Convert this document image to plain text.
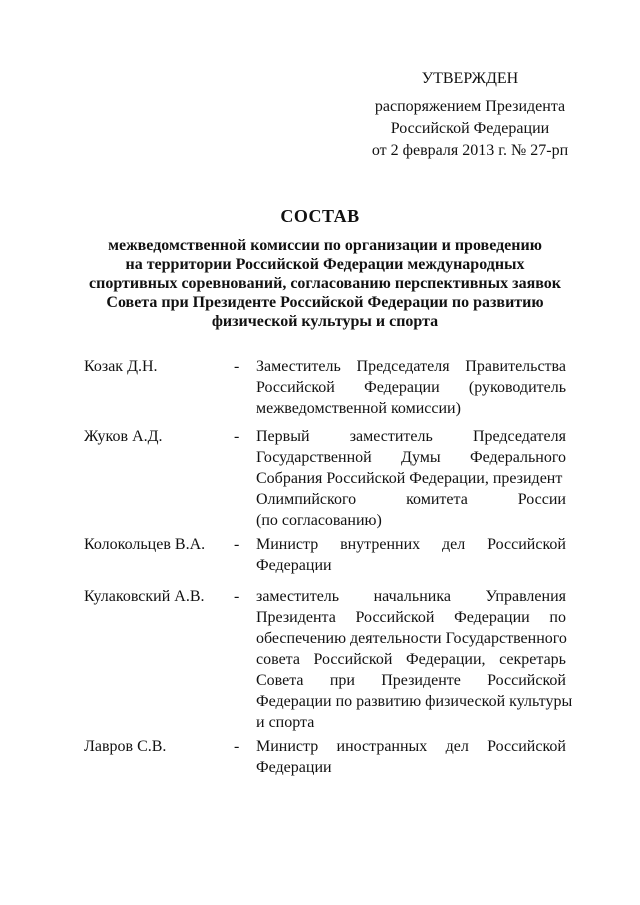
УТВЕРЖДЕН
распоряжением Президента
Российской Федерации
от 2 февраля 2013 г. № 27-рп
СОСТАВ
межведомственной комиссии по организации и проведению
на территории Российской Федерации международных
спортивных соревнований, согласованию перспективных заявок
Совета при Президенте Российской Федерации по развитию
физической культуры и спорта
Козак Д.Н.	- Заместитель Председателя Правительства
Российской Федерации (руководитель
межведомственной комиссии)
Жуков А.Д.	- Первый	заместитель	Председателя
Государственной Думы Федерального
Собрания Российской Федерации, президент
Олимпийского	комитета	России
(по согласованию)
Колокольцев В.А. - Министр внутренних дел Российской
Федерации
Кулаковский А.В. - заместитель начальника Управления
Президента Российской Федерации по
обеспечению деятельности Государственного
совета Российской Федерации, секретарь
Совета при Президенте Российской
Федерации по развитию физической культуры
и спорта
Лавров С.В.	- Министр иностранных дел Российской
Федерации
